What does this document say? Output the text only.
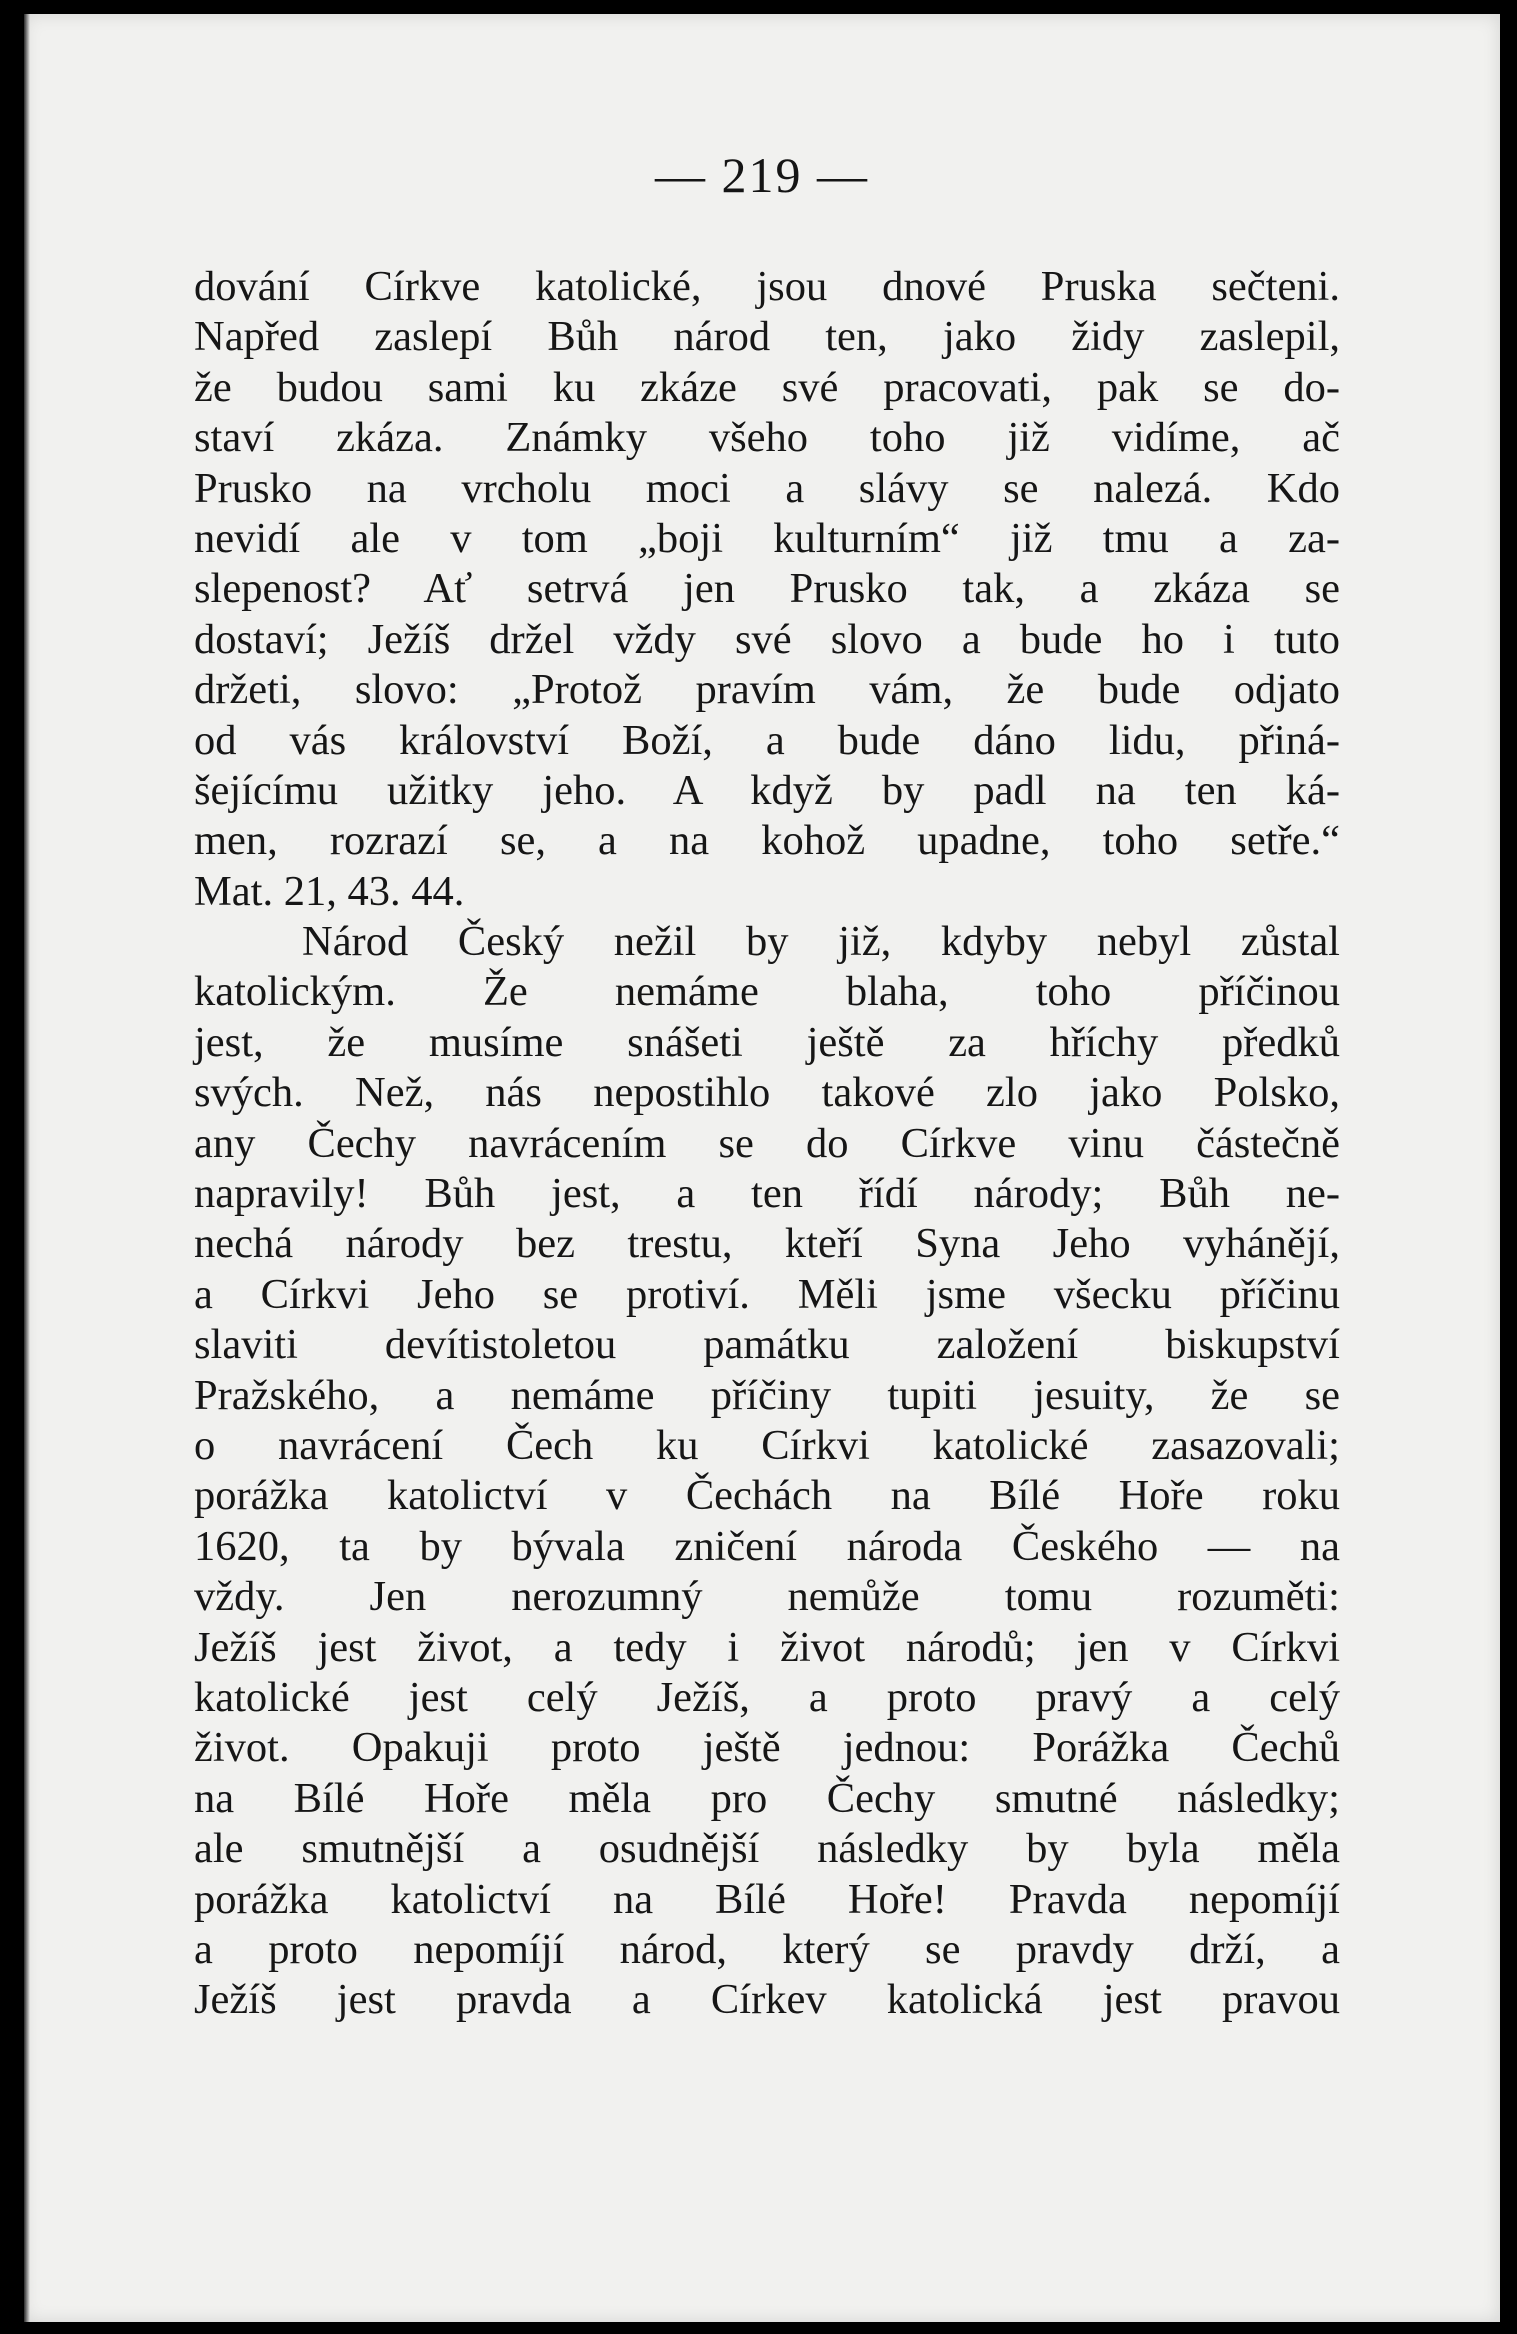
— 219 —
dování Církve katolické, jsou dnové Pruska sečteni.
Napřed zaslepí Bůh národ ten, jako židy zaslepil,
že budou sami ku zkáze své pracovati, pak se do-
staví zkáza. Známky všeho toho již vidíme, ač
Prusko na vrcholu moci a slávy se nalezá. Kdo
nevidí ale v tom „boji kulturním“ již tmu a za-
slepenost? Ať setrvá jen Prusko tak, a zkáza se
dostaví; Ježíš držel vždy své slovo a bude ho i tuto
držeti, slovo: „Protož pravím vám, že bude odjato
od vás království Boží, a bude dáno lidu, přiná-
šejícímu užitky jeho. A když by padl na ten ká-
men, rozrazí se, a na kohož upadne, toho setře.“
Mat. 21, 43. 44.
Národ Český nežil by již, kdyby nebyl zůstal
katolickým. Že nemáme blaha, toho příčinou
jest, že musíme snášeti ještě za hříchy předků
svých. Než, nás nepostihlo takové zlo jako Polsko,
any Čechy navrácením se do Církve vinu částečně
napravily! Bůh jest, a ten řídí národy; Bůh ne-
nechá národy bez trestu, kteří Syna Jeho vyhánějí,
a Církvi Jeho se protiví. Měli jsme všecku příčinu
slaviti devítistoletou památku založení biskupství
Pražského, a nemáme příčiny tupiti jesuity, že se
o navrácení Čech ku Církvi katolické zasazovali;
porážka katolictví v Čechách na Bílé Hoře roku
1620, ta by bývala zničení národa Českého — na
vždy. Jen nerozumný nemůže tomu rozuměti:
Ježíš jest život, a tedy i život národů; jen v Církvi
katolické jest celý Ježíš, a proto pravý a celý
život. Opakuji proto ještě jednou: Porážka Čechů
na Bílé Hoře měla pro Čechy smutné následky;
ale smutnější a osudnější následky by byla měla
porážka katolictví na Bílé Hoře! Pravda nepomíjí
a proto nepomíjí národ, který se pravdy drží, a
Ježíš jest pravda a Církev katolická jest pravou
